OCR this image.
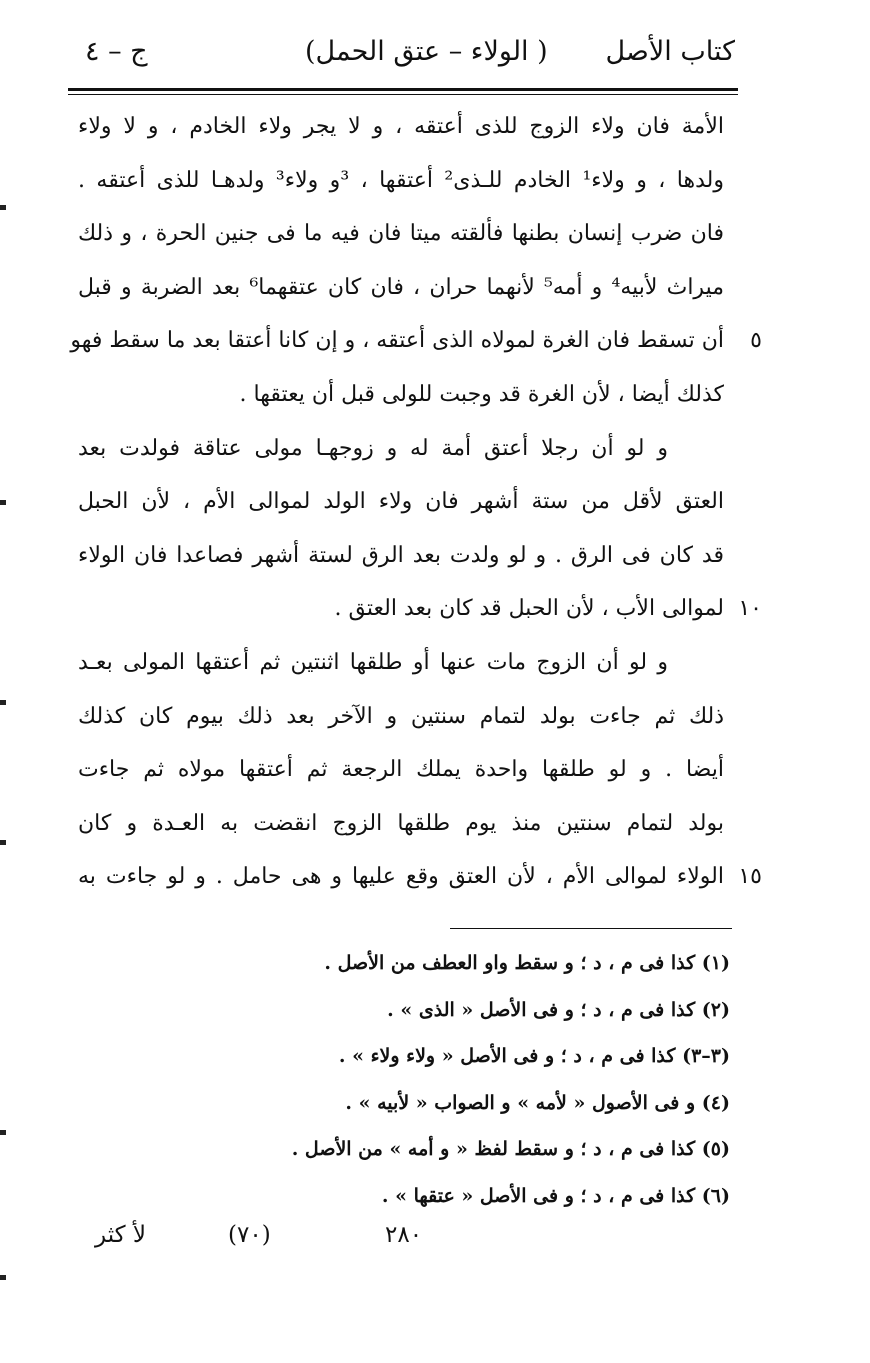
كتاب الأصل
(الولاء – عتق الحمل )
ج – ٤
الأمة فان ولاء الزوج للذى أعتقه ، و لا يجر ولاء الخادم ، و لا ولاء
ولدها ، و ولاء¹ الخادم للـذى² أعتقها ، ³و ولاء³ ولدهـا للذى أعتقه .
فان ضرب إنسان بطنها فألقته ميتا فان فيه ما فى جنين الحرة ، و ذلك
ميراث لأبيه⁴ و أمه⁵ لأنهما حران ، فان كان عتقهما⁶ بعد الضربة و قبل
أن تسقط فان الغرة لمولاه الذى أعتقه ، و إن كانا أعتقا بعد ما سقط فهو ٥
كذلك أيضا ، لأن الغرة قد وجبت للولى قبل أن يعتقها .
و لو أن رجلا أعتق أمة له و زوجهـا مولى عتاقة فولدت بعد
العتق لأقل من ستة أشهر فان ولاء الولد لموالى الأم ، لأن الحبل
قد كان فى الرق . و لو ولدت بعد الرق لستة أشهر فصاعدا فان الولاء
لموالى الأب ، لأن الحبل قد كان بعد العتق . ١٠
و لو أن الزوج مات عنها أو طلقها اثنتين ثم أعتقها المولى بعـد
ذلك ثم جاءت بولد لتمام سنتين و الآخر بعد ذلك بيوم كان كذلك
أيضا . و لو طلقها واحدة يملك الرجعة ثم أعتقها مولاه ثم جاءت
بولد لتمام سنتين منذ يوم طلقها الزوج انقضت به العـدة و كان
الولاء لموالى الأم ، لأن العتق وقع عليها و هى حامل . و لو جاءت به ١٥
(١) كذا فى م ، د ؛ و سقط واو العطف من الأصل .
(٢) كذا فى م ، د ؛ و فى الأصل « الذى » .
(٣–٣) كذا فى م ، د ؛ و فى الأصل « ولاء ولاء » .
(٤) و فى الأصول « لأمه » و الصواب « لأبيه » .
(٥) كذا فى م ، د ؛ و سقط لفظ « و أمه » من الأصل .
(٦) كذا فى م ، د ؛ و فى الأصل « عتقها » .
٢٨٠
(٧٠)
لأ كثر
